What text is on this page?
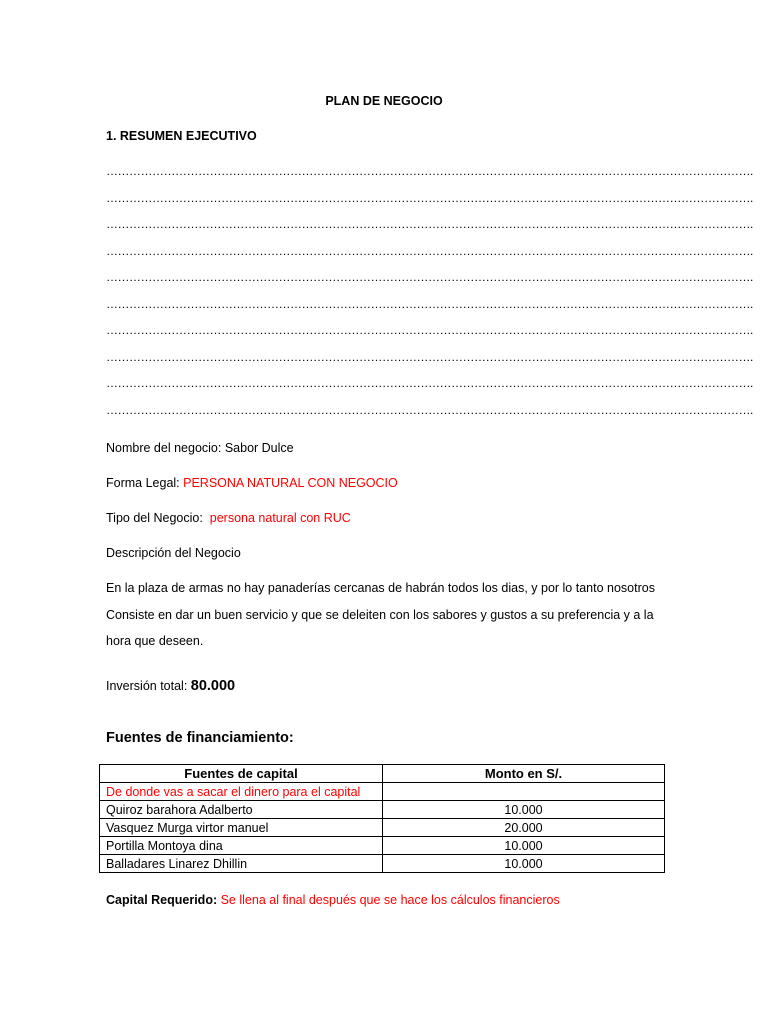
PLAN DE NEGOCIO
1. RESUMEN EJECUTIVO
…………………………………………………………………………………………………………………………………………………….
…………………………………………………………………………………………………………………………………………………….
…………………………………………………………………………………………………………………………………………………….
…………………………………………………………………………………………………………………………………………………….
…………………………………………………………………………………………………………………………………………………….
…………………………………………………………………………………………………………………………………………………….
…………………………………………………………………………………………………………………………………………………….
…………………………………………………………………………………………………………………………………………………….
…………………………………………………………………………………………………………………………………………………….
…………………………………………………………………………………………………………………………………………………….
Nombre del negocio: Sabor Dulce
Forma Legal: PERSONA NATURAL CON NEGOCIO
Tipo del Negocio:  persona natural con RUC
Descripción del Negocio
En la plaza de armas no hay panaderías cercanas de habrán todos los dias, y por lo tanto nosotros
Consiste en dar un buen servicio y que se deleiten con los sabores y gustos a su preferencia y a la
hora que deseen.
Inversión total: 80.000
Fuentes de financiamiento:
Fuentes de capital	Monto en S/.
De donde vas a sacar el dinero para el capital	
Quiroz barahora Adalberto	10.000
Vasquez Murga virtor manuel	20.000
Portilla Montoya dina	10.000
Balladares Linarez Dhillin	10.000
Capital Requerido: Se llena al final después que se hace los cálculos financieros
